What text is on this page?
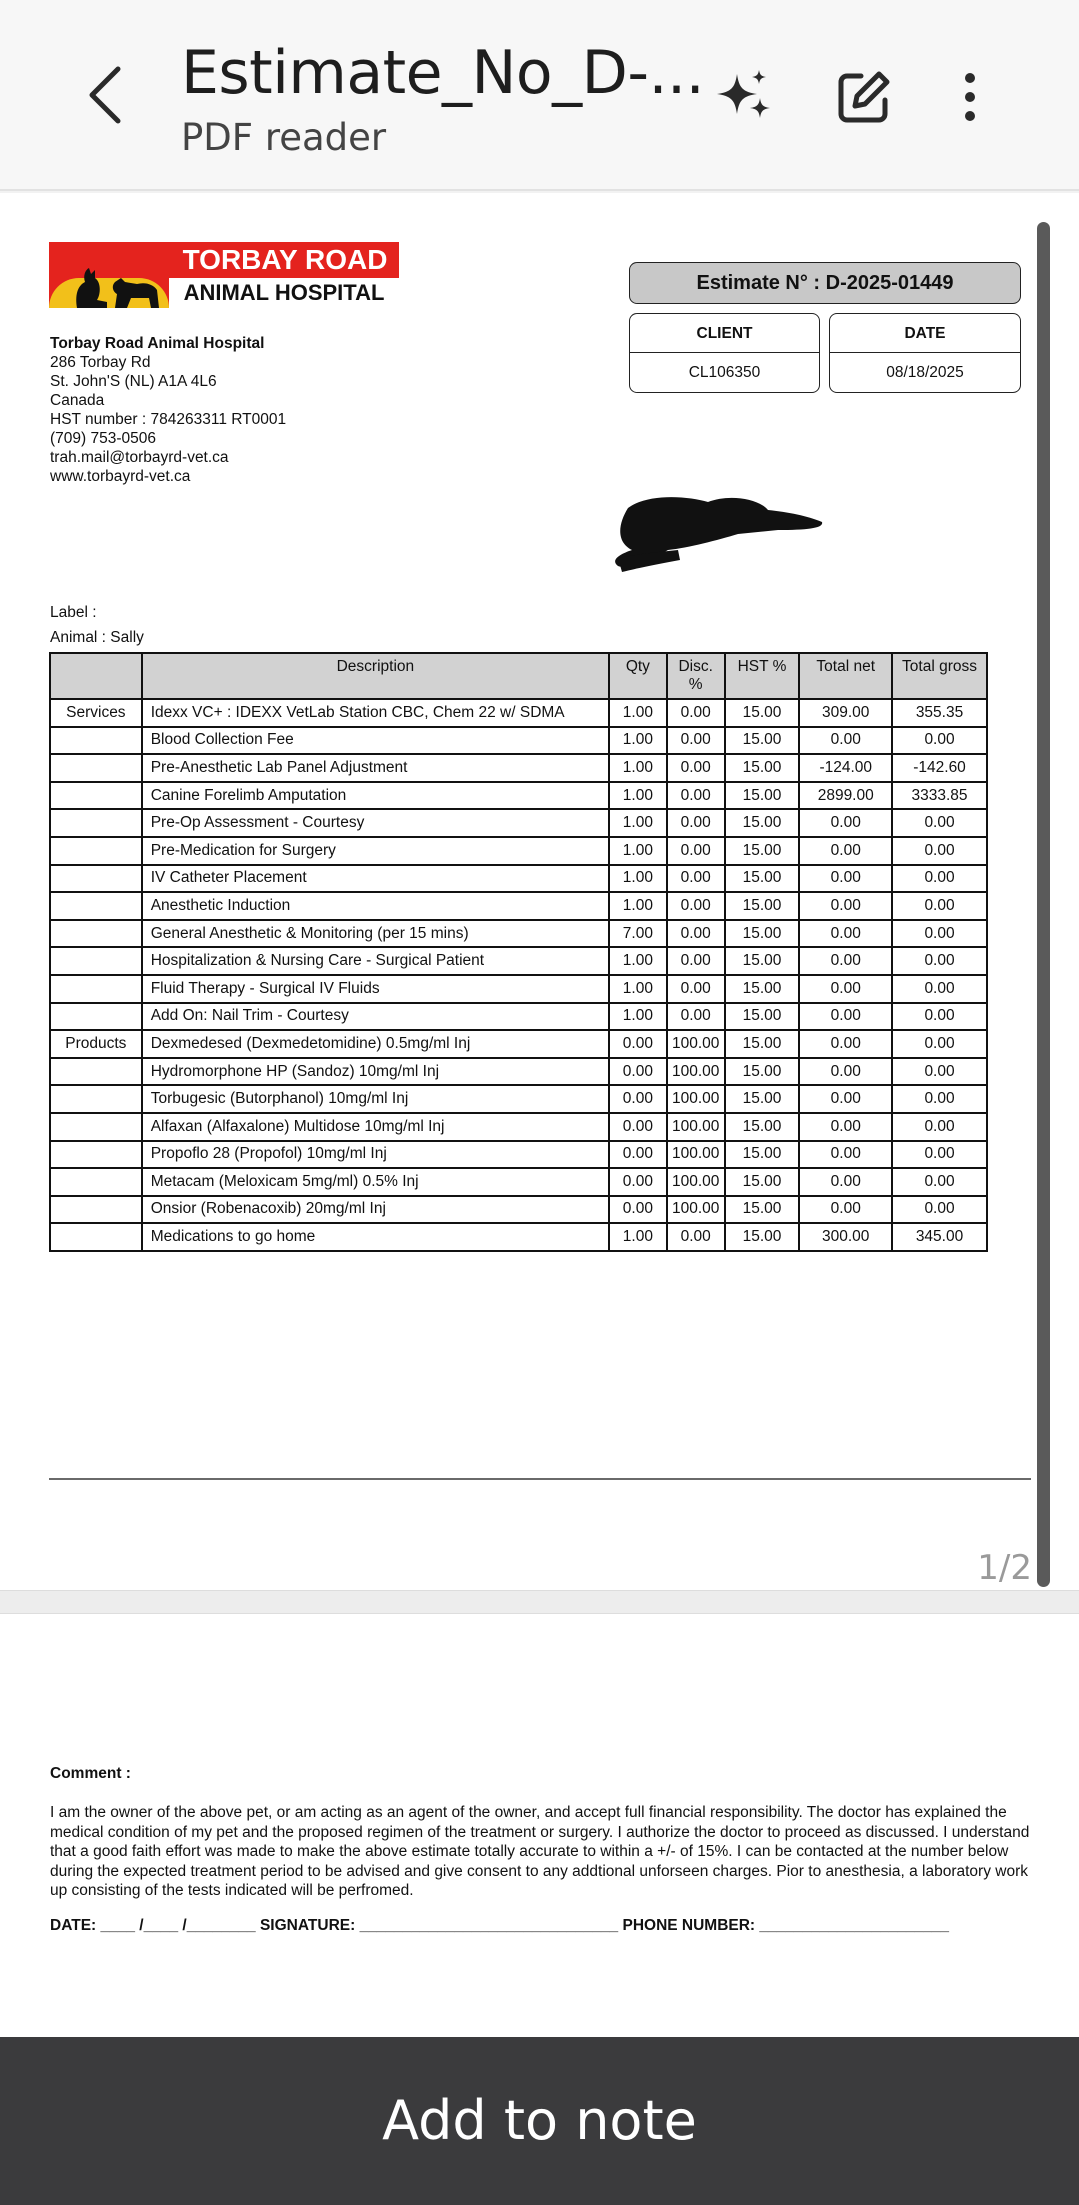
Estimate_No_D-...
PDF reader
TORBAY ROAD
ANIMAL HOSPITAL
Torbay Road Animal Hospital
286 Torbay Rd
St. John'S (NL) A1A 4L6
Canada
HST number : 784263311 RT0001
(709) 753-0506
trah.mail@torbayrd-vet.ca
www.torbayrd-vet.ca
Estimate N° : D-2025-01449
CLIENT
CL106350
DATE
08/18/2025
Label :
Animal : Sally
	Description	Qty	Disc. %	HST %	Total net	Total gross
Services	Idexx VC+ : IDEXX VetLab Station CBC, Chem 22 w/ SDMA	1.00	0.00	15.00	309.00	355.35
	Blood Collection Fee	1.00	0.00	15.00	0.00	0.00
	Pre-Anesthetic Lab Panel Adjustment	1.00	0.00	15.00	-124.00	-142.60
	Canine Forelimb Amputation	1.00	0.00	15.00	2899.00	3333.85
	Pre-Op Assessment - Courtesy	1.00	0.00	15.00	0.00	0.00
	Pre-Medication for Surgery	1.00	0.00	15.00	0.00	0.00
	IV Catheter Placement	1.00	0.00	15.00	0.00	0.00
	Anesthetic Induction	1.00	0.00	15.00	0.00	0.00
	General Anesthetic & Monitoring (per 15 mins)	7.00	0.00	15.00	0.00	0.00
	Hospitalization & Nursing Care - Surgical Patient	1.00	0.00	15.00	0.00	0.00
	Fluid Therapy - Surgical IV Fluids	1.00	0.00	15.00	0.00	0.00
	Add On: Nail Trim - Courtesy	1.00	0.00	15.00	0.00	0.00
Products	Dexmedesed (Dexmedetomidine) 0.5mg/ml Inj	0.00	100.00	15.00	0.00	0.00
	Hydromorphone HP (Sandoz) 10mg/ml Inj	0.00	100.00	15.00	0.00	0.00
	Torbugesic (Butorphanol) 10mg/ml Inj	0.00	100.00	15.00	0.00	0.00
	Alfaxan (Alfaxalone) Multidose 10mg/ml Inj	0.00	100.00	15.00	0.00	0.00
	Propoflo 28 (Propofol) 10mg/ml Inj	0.00	100.00	15.00	0.00	0.00
	Metacam (Meloxicam 5mg/ml) 0.5% Inj	0.00	100.00	15.00	0.00	0.00
	Onsior (Robenacoxib) 20mg/ml Inj	0.00	100.00	15.00	0.00	0.00
	Medications to go home	1.00	0.00	15.00	300.00	345.00
1/2
Comment :
I am the owner of the above pet, or am acting as an agent of the owner, and accept full financial responsibility. The doctor has explained the medical condition of my pet and the proposed regimen of the treatment or surgery. I authorize the doctor to proceed as discussed. I understand that a good faith effort was made to make the above estimate totally accurate to within a +/- of 15%. I can be contacted at the number below during the expected treatment period to be advised and give consent to any addtional unforseen charges. Pior to anesthesia, a laboratory work up consisting of the tests indicated will be perfromed.
DATE: ____ /____ /________ SIGNATURE: ______________________________ PHONE NUMBER: ______________________
Add to note
